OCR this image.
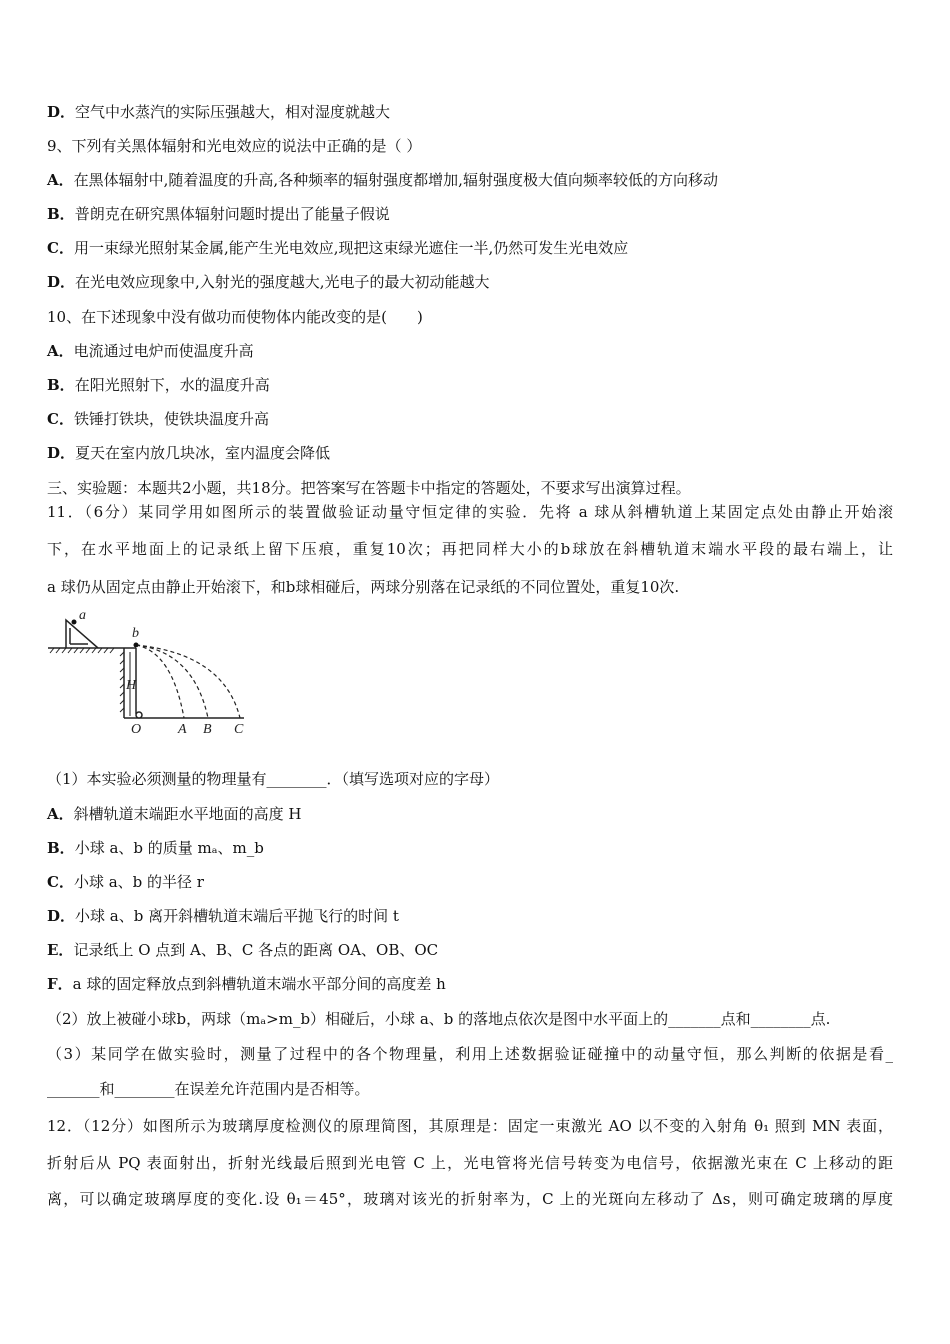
D．空气中水蒸汽的实际压强越大，相对湿度就越大
9、下列有关黑体辐射和光电效应的说法中正确的是（ ）
A．在黑体辐射中,随着温度的升高,各种频率的辐射强度都增加,辐射强度极大值向频率较低的方向移动
B．普朗克在研究黑体辐射问题时提出了能量子假说
C．用一束绿光照射某金属,能产生光电效应,现把这束绿光遮住一半,仍然可发生光电效应
D．在光电效应现象中,入射光的强度越大,光电子的最大初动能越大
10、在下述现象中没有做功而使物体内能改变的是(　　)
A．电流通过电炉而使温度升高
B．在阳光照射下，水的温度升高
C．铁锤打铁块，使铁块温度升高
D．夏天在室内放几块冰，室内温度会降低
三、实验题：本题共2小题，共18分。把答案写在答题卡中指定的答题处，不要求写出演算过程。
11．（6分）某同学用如图所示的装置做验证动量守恒定律的实验．先将 a 球从斜槽轨道上某固定点处由静止开始滚
下，在水平地面上的记录纸上留下压痕，重复10次；再把同样大小的b球放在斜槽轨道末端水平段的最右端上，让
a 球仍从固定点由静止开始滚下，和b球相碰后，两球分别落在记录纸的不同位置处，重复10次.
（1）本实验必须测量的物理量有________．（填写选项对应的字母）
A．斜槽轨道末端距水平地面的高度 H
B．小球 a、b 的质量 mₐ、m_b
C．小球 a、b 的半径 r
D．小球 a、b 离开斜槽轨道末端后平抛飞行的时间 t
E．记录纸上 O 点到 A、B、C 各点的距离 OA、OB、OC
F．a 球的固定释放点到斜槽轨道末端水平部分间的高度差 h
（2）放上被碰小球b，两球（mₐ>m_b）相碰后，小球 a、b 的落地点依次是图中水平面上的_______点和________点.
（3）某同学在做实验时，测量了过程中的各个物理量，利用上述数据验证碰撞中的动量守恒，那么判断的依据是看_
_______和________在误差允许范围内是否相等。
12．（12分）如图所示为玻璃厚度检测仪的原理简图，其原理是：固定一束激光 AO 以不变的入射角 θ₁ 照到 MN 表面，
折射后从 PQ 表面射出，折射光线最后照到光电管 C 上，光电管将光信号转变为电信号，依据激光束在 C 上移动的距
离，可以确定玻璃厚度的变化.设 θ₁＝45°，玻璃对该光的折射率为，C 上的光斑向左移动了 Δs，则可确定玻璃的厚度
a
b
H
O	A B C
